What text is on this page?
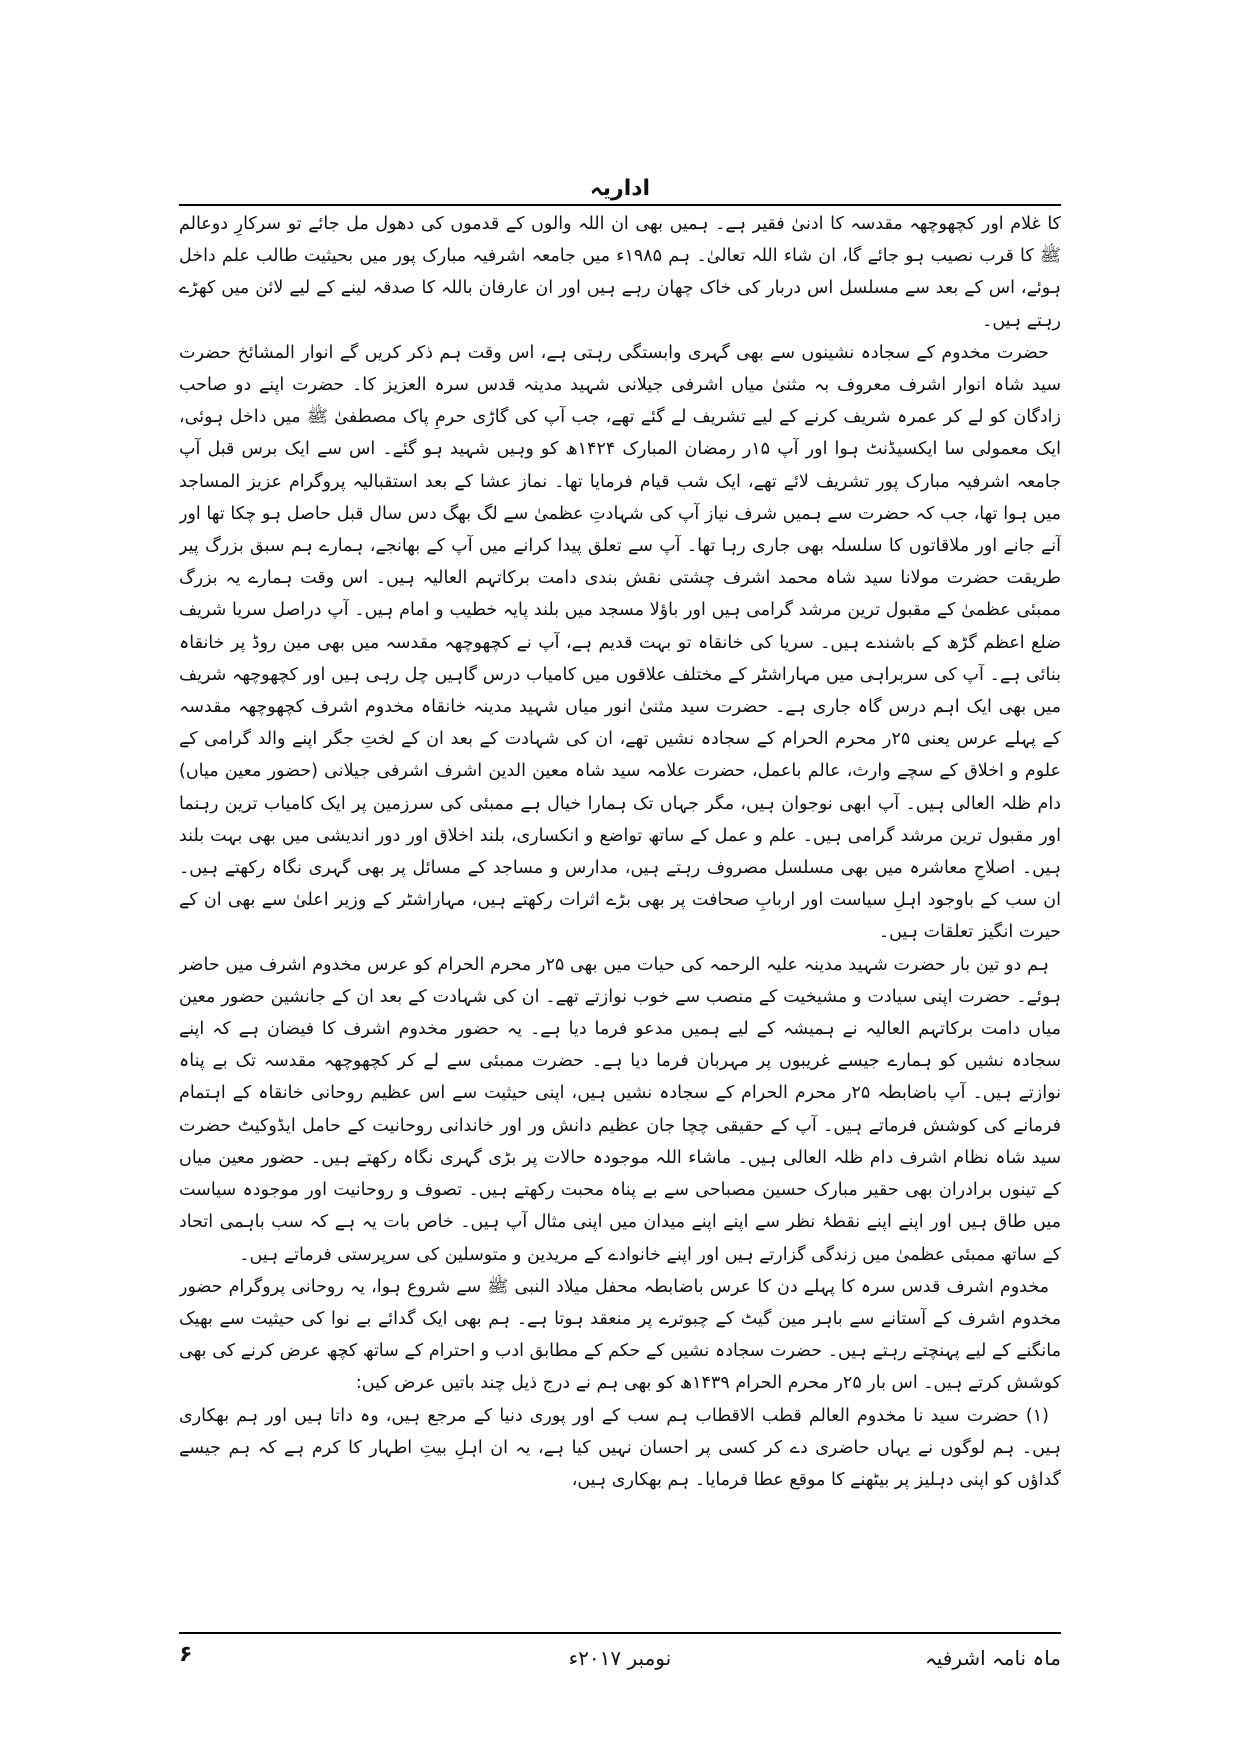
اداریہ

کا غلام اور کچھوچھہ مقدسہ کا ادنیٰ فقیر ہے۔ ہمیں بھی ان اللہ والوں کے قدموں کی دھول مل جائے تو سرکارِ دوعالم ﷺ کا قرب نصیب ہو جائے گا، ان شاء اللہ تعالیٰ۔ ہم ۱۹۸۵ء میں جامعہ اشرفیہ مبارک پور میں بحیثیت طالب علم داخل ہوئے، اس کے بعد سے مسلسل اس دربار کی خاک چھان رہے ہیں اور ان عارفان باللہ کا صدقہ لینے کے لیے لائن میں کھڑے رہتے ہیں۔

حضرت مخدوم کے سجادہ نشینوں سے بھی گہری وابستگی رہتی ہے، اس وقت ہم ذکر کریں گے انوار المشائخ حضرت سید شاہ انوار اشرف معروف بہ مثنیٰ میاں اشرفی جیلانی شہید مدینہ قدس سرہ العزیز کا۔ حضرت اپنے دو صاحب زادگان کو لے کر عمرہ شریف کرنے کے لیے تشریف لے گئے تھے، جب آپ کی گاڑی حرمِ پاک مصطفیٰ ﷺ میں داخل ہوئی، ایک معمولی سا ایکسیڈنٹ ہوا اور آپ ۱۵ر رمضان المبارک ۱۴۲۴ھ کو وہیں شہید ہو گئے۔ اس سے ایک برس قبل آپ جامعہ اشرفیہ مبارک پور تشریف لائے تھے، ایک شب قیام فرمایا تھا۔ نماز عشا کے بعد استقبالیہ پروگرام عزیز المساجد میں ہوا تھا، جب کہ حضرت سے ہمیں شرف نیاز آپ کی شہادتِ عظمیٰ سے لگ بھگ دس سال قبل حاصل ہو چکا تھا اور آنے جانے اور ملاقاتوں کا سلسلہ بھی جاری رہا تھا۔ آپ سے تعلق پیدا کرانے میں آپ کے بھانجے، ہمارے ہم سبق بزرگ پیر طریقت حضرت مولانا سید شاہ محمد اشرف چشتی نقش بندی دامت برکاتہم العالیہ ہیں۔ اس وقت ہمارے یہ بزرگ ممبئی عظمیٰ کے مقبول ترین مرشد گرامی ہیں اور باؤلا مسجد میں بلند پایہ خطیب و امام ہیں۔ آپ دراصل سریا شریف ضلع اعظم گڑھ کے باشندے ہیں۔ سریا کی خانقاہ تو بہت قدیم ہے، آپ نے کچھوچھہ مقدسہ میں بھی مین روڈ پر خانقاہ بنائی ہے۔ آپ کی سربراہی میں مہاراشٹر کے مختلف علاقوں میں کامیاب درس گاہیں چل رہی ہیں اور کچھوچھہ شریف میں بھی ایک اہم درس گاہ جاری ہے۔ حضرت سید مثنیٰ انور میاں شہید مدینہ خانقاہ مخدوم اشرف کچھوچھہ مقدسہ کے پہلے عرس یعنی ۲۵ر محرم الحرام کے سجادہ نشیں تھے، ان کی شہادت کے بعد ان کے لختِ جگر اپنے والد گرامی کے علوم و اخلاق کے سچے وارث، عالم باعمل، حضرت علامہ سید شاہ معین الدین اشرف اشرفی جیلانی (حضور معین میاں) دام ظلہ العالی ہیں۔ آپ ابھی نوجوان ہیں، مگر جہاں تک ہمارا خیال ہے ممبئی کی سرزمین پر ایک کامیاب ترین رہنما اور مقبول ترین مرشد گرامی ہیں۔ علم و عمل کے ساتھ تواضع و انکساری، بلند اخلاق اور دور اندیشی میں بھی بہت بلند ہیں۔ اصلاحِ معاشرہ میں بھی مسلسل مصروف رہتے ہیں، مدارس و مساجد کے مسائل پر بھی گہری نگاہ رکھتے ہیں۔ ان سب کے باوجود اہلِ سیاست اور اربابِ صحافت پر بھی بڑے اثرات رکھتے ہیں، مہاراشٹر کے وزیر اعلیٰ سے بھی ان کے حیرت انگیز تعلقات ہیں۔

ہم دو تین بار حضرت شہید مدینہ علیہ الرحمہ کی حیات میں بھی ۲۵ر محرم الحرام کو عرس مخدوم اشرف میں حاضر ہوئے۔ حضرت اپنی سیادت و مشیخیت کے منصب سے خوب نوازتے تھے۔ ان کی شہادت کے بعد ان کے جانشین حضور معین میاں دامت برکاتہم العالیہ نے ہمیشہ کے لیے ہمیں مدعو فرما دیا ہے۔ یہ حضور مخدوم اشرف کا فیضان ہے کہ اپنے سجادہ نشیں کو ہمارے جیسے غریبوں پر مہربان فرما دیا ہے۔ حضرت ممبئی سے لے کر کچھوچھہ مقدسہ تک بے پناہ نوازتے ہیں۔ آپ باضابطہ ۲۵ر محرم الحرام کے سجادہ نشیں ہیں، اپنی حیثیت سے اس عظیم روحانی خانقاہ کے اہتمام فرمانے کی کوشش فرماتے ہیں۔ آپ کے حقیقی چچا جان عظیم دانش ور اور خاندانی روحانیت کے حامل ایڈوکیٹ حضرت سید شاہ نظام اشرف دام ظلہ العالی ہیں۔ ماشاء اللہ موجودہ حالات پر بڑی گہری نگاہ رکھتے ہیں۔ حضور معین میاں کے تینوں برادران بھی حقیر مبارک حسین مصباحی سے بے پناہ محبت رکھتے ہیں۔ تصوف و روحانیت اور موجودہ سیاست میں طاق ہیں اور اپنے اپنے نقطۂ نظر سے اپنے اپنے میدان میں اپنی مثال آپ ہیں۔ خاص بات یہ ہے کہ سب باہمی اتحاد کے ساتھ ممبئی عظمیٰ میں زندگی گزارتے ہیں اور اپنے خانوادے کے مریدین و متوسلین کی سرپرستی فرماتے ہیں۔

مخدوم اشرف قدس سرہ کا پہلے دن کا عرس باضابطہ محفل میلاد النبی ﷺ سے شروع ہوا، یہ روحانی پروگرام حضور مخدوم اشرف کے آستانے سے باہر مین گیٹ کے چبوترے پر منعقد ہوتا ہے۔ ہم بھی ایک گدائے بے نوا کی حیثیت سے بھیک مانگنے کے لیے پہنچتے رہتے ہیں۔ حضرت سجادہ نشیں کے حکم کے مطابق ادب و احترام کے ساتھ کچھ عرض کرنے کی بھی کوشش کرتے ہیں۔ اس بار ۲۵ر محرم الحرام ۱۴۳۹ھ کو بھی ہم نے درج ذیل چند باتیں عرض کیں:

(۱) حضرت سید نا مخدوم العالم قطب الاقطاب ہم سب کے اور پوری دنیا کے مرجع ہیں، وہ داتا ہیں اور ہم بھکاری ہیں۔ ہم لوگوں نے یہاں حاضری دے کر کسی پر احسان نہیں کیا ہے، یہ ان اہلِ بیتِ اطہار کا کرم ہے کہ ہم جیسے گداؤں کو اپنی دہلیز پر بیٹھنے کا موقع عطا فرمایا۔ ہم بھکاری ہیں،

۶	نومبر ۲۰۱۷ء	ماہ نامہ اشرفیہ
